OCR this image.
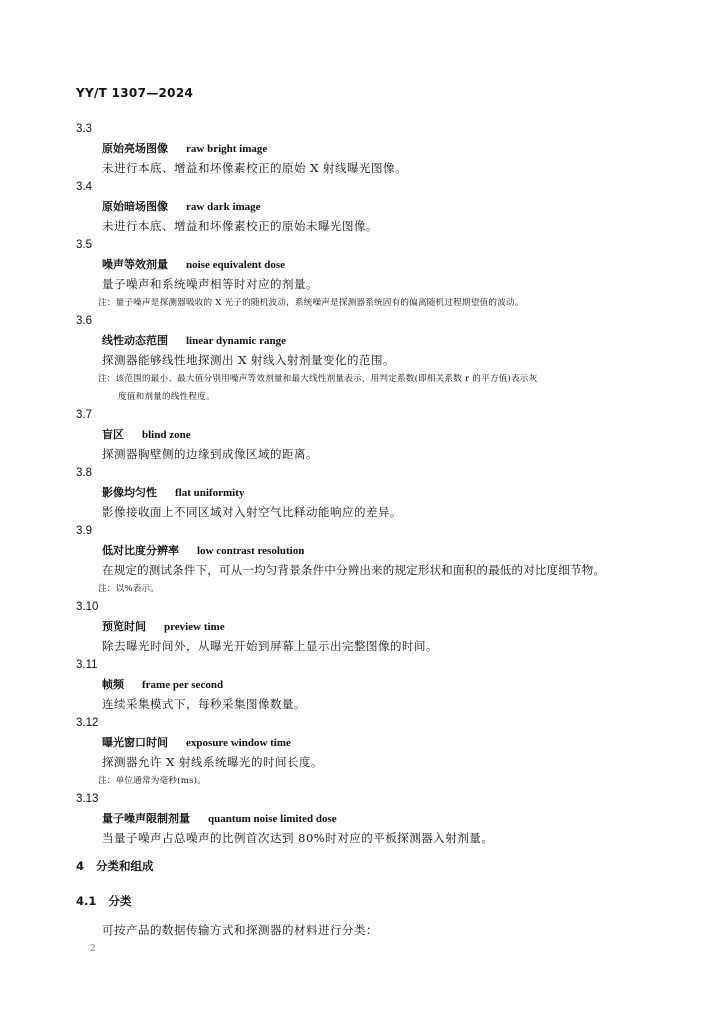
YY/T 1307—2024
3.3
原始亮场图像 raw bright image
未进行本底、增益和坏像素校正的原始 X 射线曝光图像。
3.4
原始暗场图像 raw dark image
未进行本底、增益和坏像素校正的原始未曝光图像。
3.5
噪声等效剂量 noise equivalent dose
量子噪声和系统噪声相等时对应的剂量。
注：量子噪声是探测器吸收的 X 光子的随机波动，系统噪声是探测器系统固有的偏离随机过程期望值的波动。
3.6
线性动态范围 linear dynamic range
探测器能够线性地探测出 X 射线入射剂量变化的范围。
注：该范围的最小、最大值分别用噪声等效剂量和最大线性剂量表示，用判定系数(即相关系数 r 的平方值)表示灰
度值和剂量的线性程度。
3.7
盲区 blind zone
探测器胸壁侧的边缘到成像区域的距离。
3.8
影像均匀性 flat uniformity
影像接收面上不同区域对入射空气比释动能响应的差异。
3.9
低对比度分辨率 low contrast resolution
在规定的测试条件下，可从一均匀背景条件中分辨出来的规定形状和面积的最低的对比度细节物。
注：以%表示。
3.10
预览时间 preview time
除去曝光时间外，从曝光开始到屏幕上显示出完整图像的时间。
3.11
帧频 frame per second
连续采集模式下，每秒采集图像数量。
3.12
曝光窗口时间 exposure window time
探测器允许 X 射线系统曝光的时间长度。
注：单位通常为毫秒(ms)。
3.13
量子噪声限制剂量 quantum noise limited dose
当量子噪声占总噪声的比例首次达到 80%时对应的平板探测器入射剂量。
4 分类和组成
4.1 分类
可按产品的数据传输方式和探测器的材料进行分类：
2
